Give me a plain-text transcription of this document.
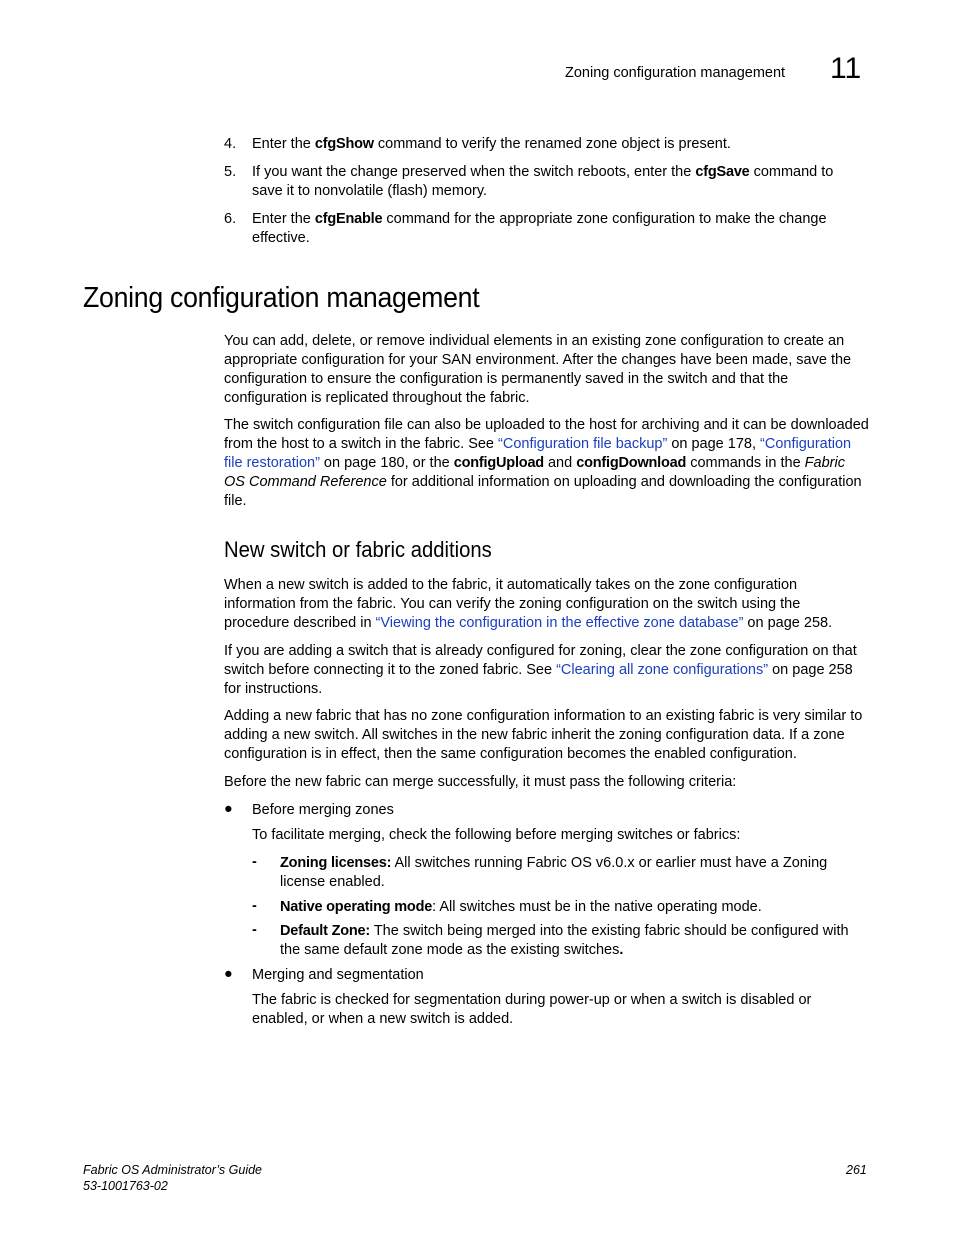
Zoning configuration management 11
4. Enter the cfgShow command to verify the renamed zone object is present.
5. If you want the change preserved when the switch reboots, enter the cfgSave command to save it to nonvolatile (flash) memory.
6. Enter the cfgEnable command for the appropriate zone configuration to make the change effective.
Zoning configuration management

You can add, delete, or remove individual elements in an existing zone configuration to create an appropriate configuration for your SAN environment. After the changes have been made, save the configuration to ensure the configuration is permanently saved in the switch and that the configuration is replicated throughout the fabric.

The switch configuration file can also be uploaded to the host for archiving and it can be downloaded from the host to a switch in the fabric. See “Configuration file backup” on page 178, “Configuration file restoration” on page 180, or the configUpload and configDownload commands in the Fabric OS Command Reference for additional information on uploading and downloading the configuration file.

New switch or fabric additions

When a new switch is added to the fabric, it automatically takes on the zone configuration information from the fabric. You can verify the zoning configuration on the switch using the procedure described in “Viewing the configuration in the effective zone database” on page 258.

If you are adding a switch that is already configured for zoning, clear the zone configuration on that switch before connecting it to the zoned fabric. See “Clearing all zone configurations” on page 258 for instructions.

Adding a new fabric that has no zone configuration information to an existing fabric is very similar to adding a new switch. All switches in the new fabric inherit the zoning configuration data. If a zone configuration is in effect, then the same configuration becomes the enabled configuration.

Before the new fabric can merge successfully, it must pass the following criteria:

● Before merging zones
To facilitate merging, check the following before merging switches or fabrics:
- Zoning licenses: All switches running Fabric OS v6.0.x or earlier must have a Zoning license enabled.
- Native operating mode: All switches must be in the native operating mode.
- Default Zone: The switch being merged into the existing fabric should be configured with the same default zone mode as the existing switches.
● Merging and segmentation
The fabric is checked for segmentation during power-up or when a switch is disabled or enabled, or when a new switch is added.
Fabric OS Administrator’s Guide
53-1001763-02
261
